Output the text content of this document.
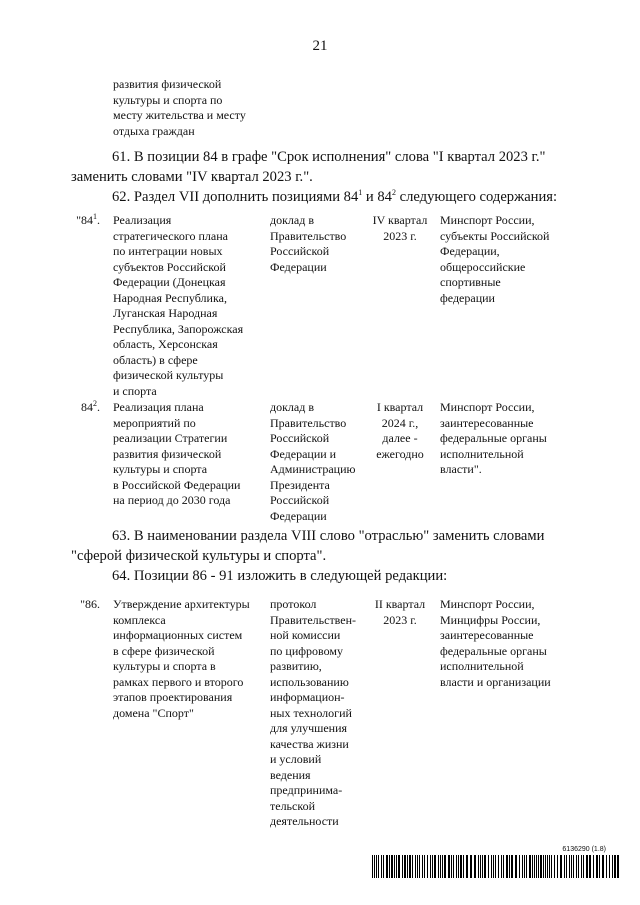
21
развития физической
культуры и спорта по
месту жительства и месту
отдыха граждан
61. В позиции 84 в графе "Срок исполнения" слова "I квартал 2023 г."
заменить словами "IV квартал 2023 г.".
62. Раздел VII дополнить позициями $84^1$ и $84^2$ следующего содержания:
"$84^1$. Реализация
стратегического плана
по интеграции новых
субъектов Российской
Федерации (Донецкая
Народная Республика,
Луганская Народная
Республика, Запорожская
область, Херсонская
область) в сфере
физической культуры
и спорта
доклад в
Правительство
Российской
Федерации
IV квартал
2023 г.
Минспорт России,
субъекты Российской
Федерации,
общероссийские
спортивные
федерации
$84^2$. Реализация плана
мероприятий по
реализации Стратегии
развития физической
культуры и спорта
в Российской Федерации
на период до 2030 года
доклад в
Правительство
Российской
Федерации и
Администрацию
Президента
Российской
Федерации
I квартал
2024 г.,
далее -
ежегодно
Минспорт России,
заинтересованные
федеральные органы
исполнительной
власти".
63. В наименовании раздела VIII слово "отраслью" заменить словами
"сферой физической культуры и спорта".
64. Позиции 86 - 91 изложить в следующей редакции:
"86. Утверждение архитектуры
комплекса
информационных систем
в сфере физической
культуры и спорта в
рамках первого и второго
этапов проектирования
домена "Спорт"
протокол
Правительствен-
ной комиссии
по цифровому
развитию,
использованию
информацион-
ных технологий
для улучшения
качества жизни
и условий
ведения
предпринима-
тельской
деятельности
II квартал
2023 г.
Минспорт России,
Минцифры России,
заинтересованные
федеральные органы
исполнительной
власти и организации
6136290 (1.8)
